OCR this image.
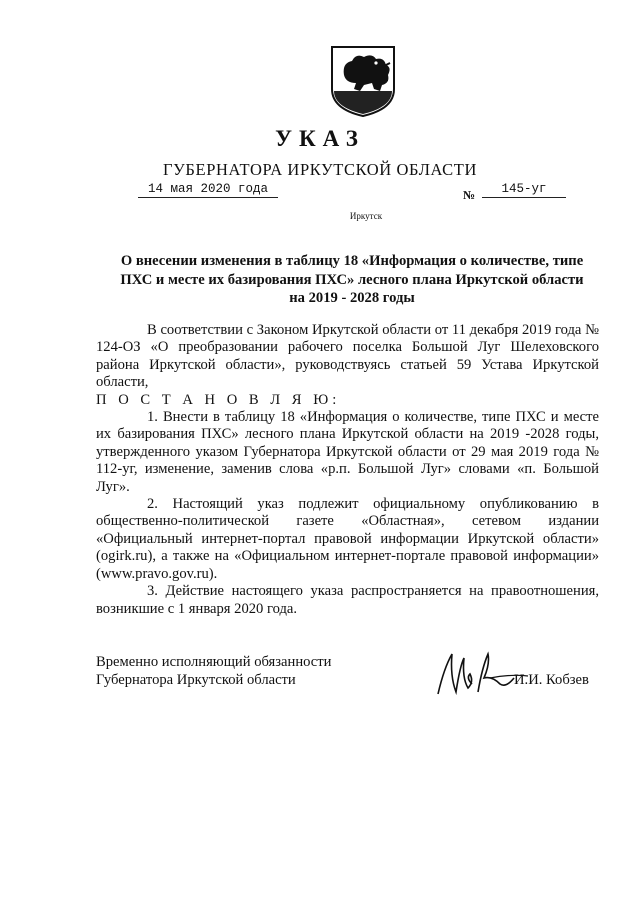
УКАЗ
ГУБЕРНАТОРА ИРКУТСКОЙ ОБЛАСТИ
14 мая 2020 года	№	145-уг
Иркутск
О внесении изменения в таблицу 18 «Информация о количестве, типе
ПХС и месте их базирования ПХС» лесного плана Иркутской области
на 2019 - 2028 годы

В соответствии с Законом Иркутской области от 11 декабря 2019 года № 124-ОЗ «О преобразовании рабочего поселка Большой Луг Шелеховского района Иркутской области», руководствуясь статьей 59 Устава Иркутской области,

П О С Т А Н О В Л Я Ю:

1. Внести в таблицу 18 «Информация о количестве, типе ПХС и месте их базирования ПХС» лесного плана Иркутской области на 2019 -2028 годы, утвержденного указом Губернатора Иркутской области от 29 мая 2019 года № 112-уг, изменение, заменив слова «р.п. Большой Луг» словами «п. Большой Луг».

2. Настоящий указ подлежит официальному опубликованию в общественно-политической газете «Областная», сетевом издании «Официальный интернет-портал правовой информации Иркутской области» (ogirk.ru), а также на «Официальном интернет-портале правовой информации» (www.pravo.gov.ru).

3. Действие настоящего указа распространяется на правоотношения, возникшие с 1 января 2020 года.

Временно исполняющий обязанности
Губернатора Иркутской области	И.И. Кобзев
